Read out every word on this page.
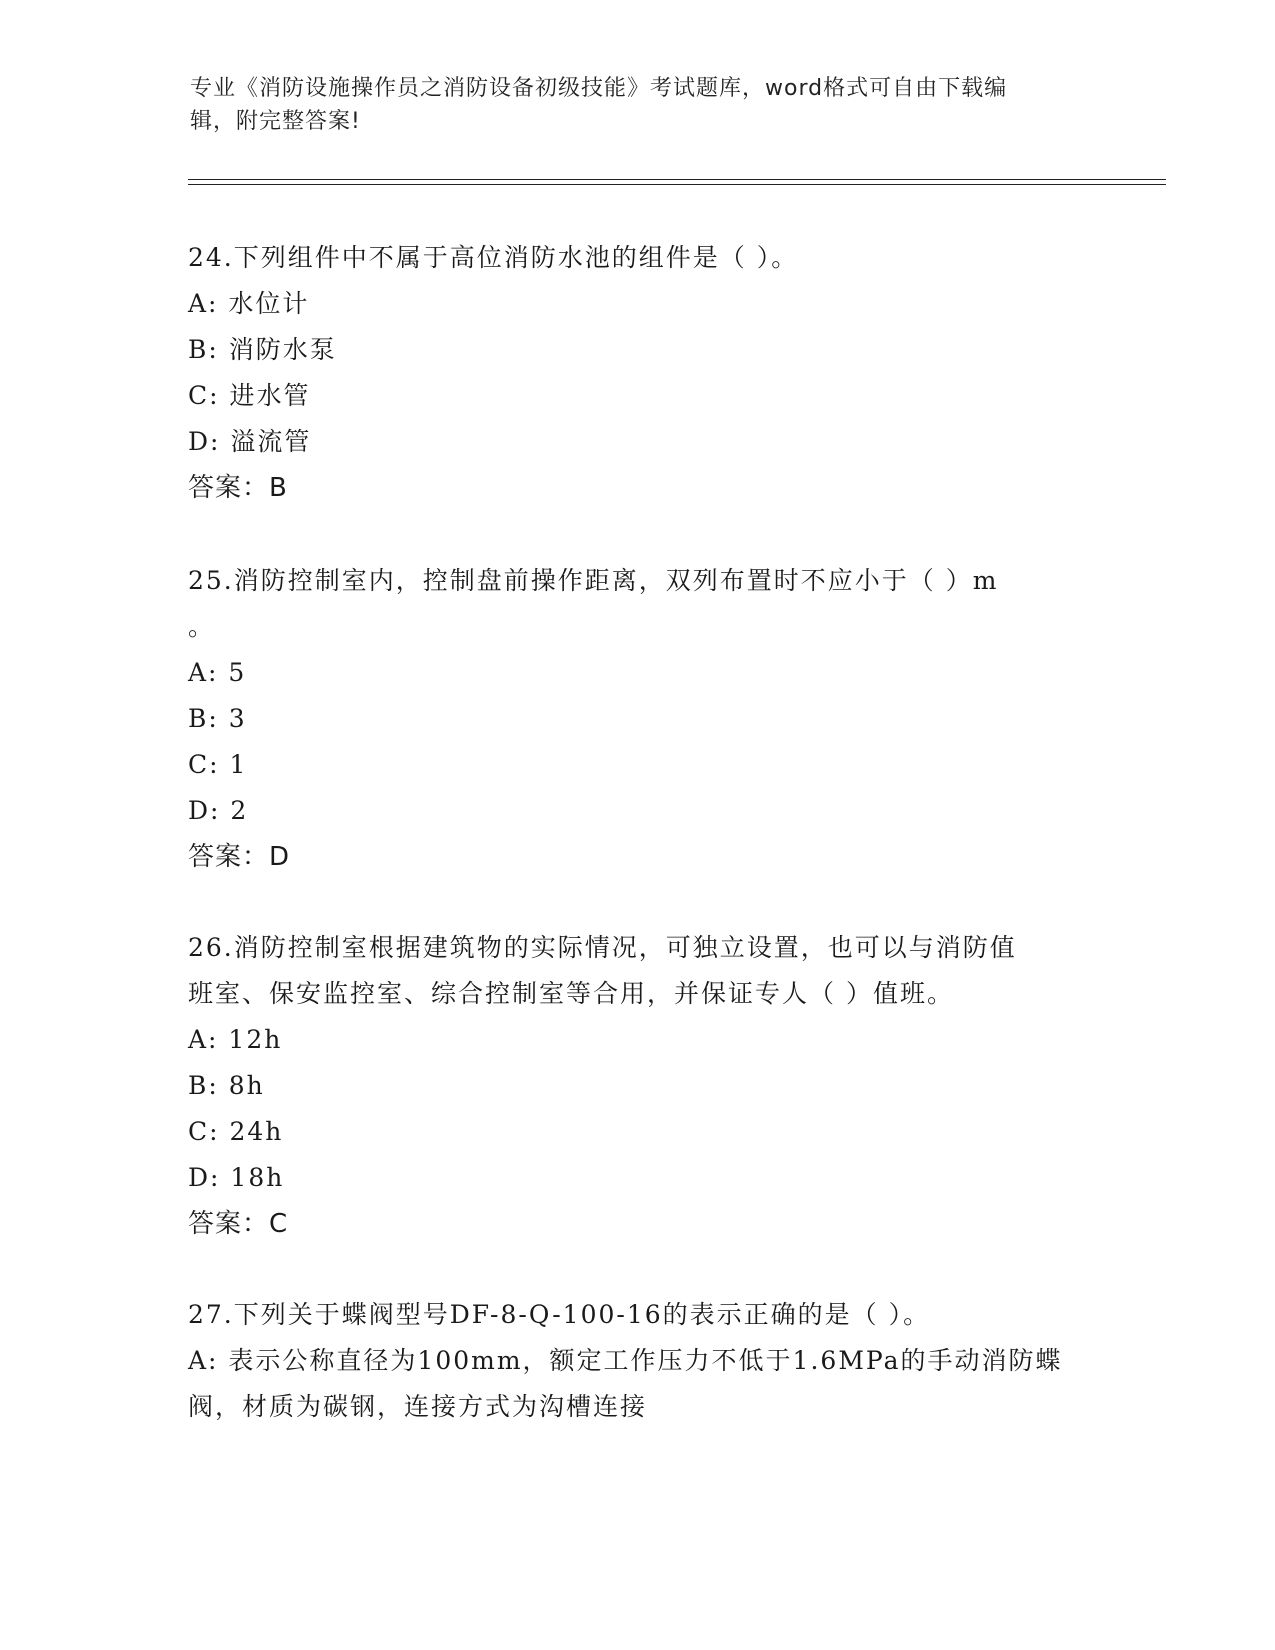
专业《消防设施操作员之消防设备初级技能》考试题库，word格式可自由下载编
辑，附完整答案!

24.下列组件中不属于高位消防水池的组件是（ ）。

A: 水位计

B: 消防水泵

C: 进水管

D: 溢流管

答案：B

25.消防控制室内，控制盘前操作距离，双列布置时不应小于（ ）m

。

A: 5

B: 3

C: 1

D: 2

答案：D

26.消防控制室根据建筑物的实际情况，可独立设置，也可以与消防值

班室、保安监控室、综合控制室等合用，并保证专人（ ）值班。

A: 12h

B: 8h

C: 24h

D: 18h

答案：C

27.下列关于蝶阀型号DF-8-Q-100-16的表示正确的是（ ）。

A: 表示公称直径为100mm，额定工作压力不低于1.6MPa的手动消防蝶

阀，材质为碳钢，连接方式为沟槽连接
